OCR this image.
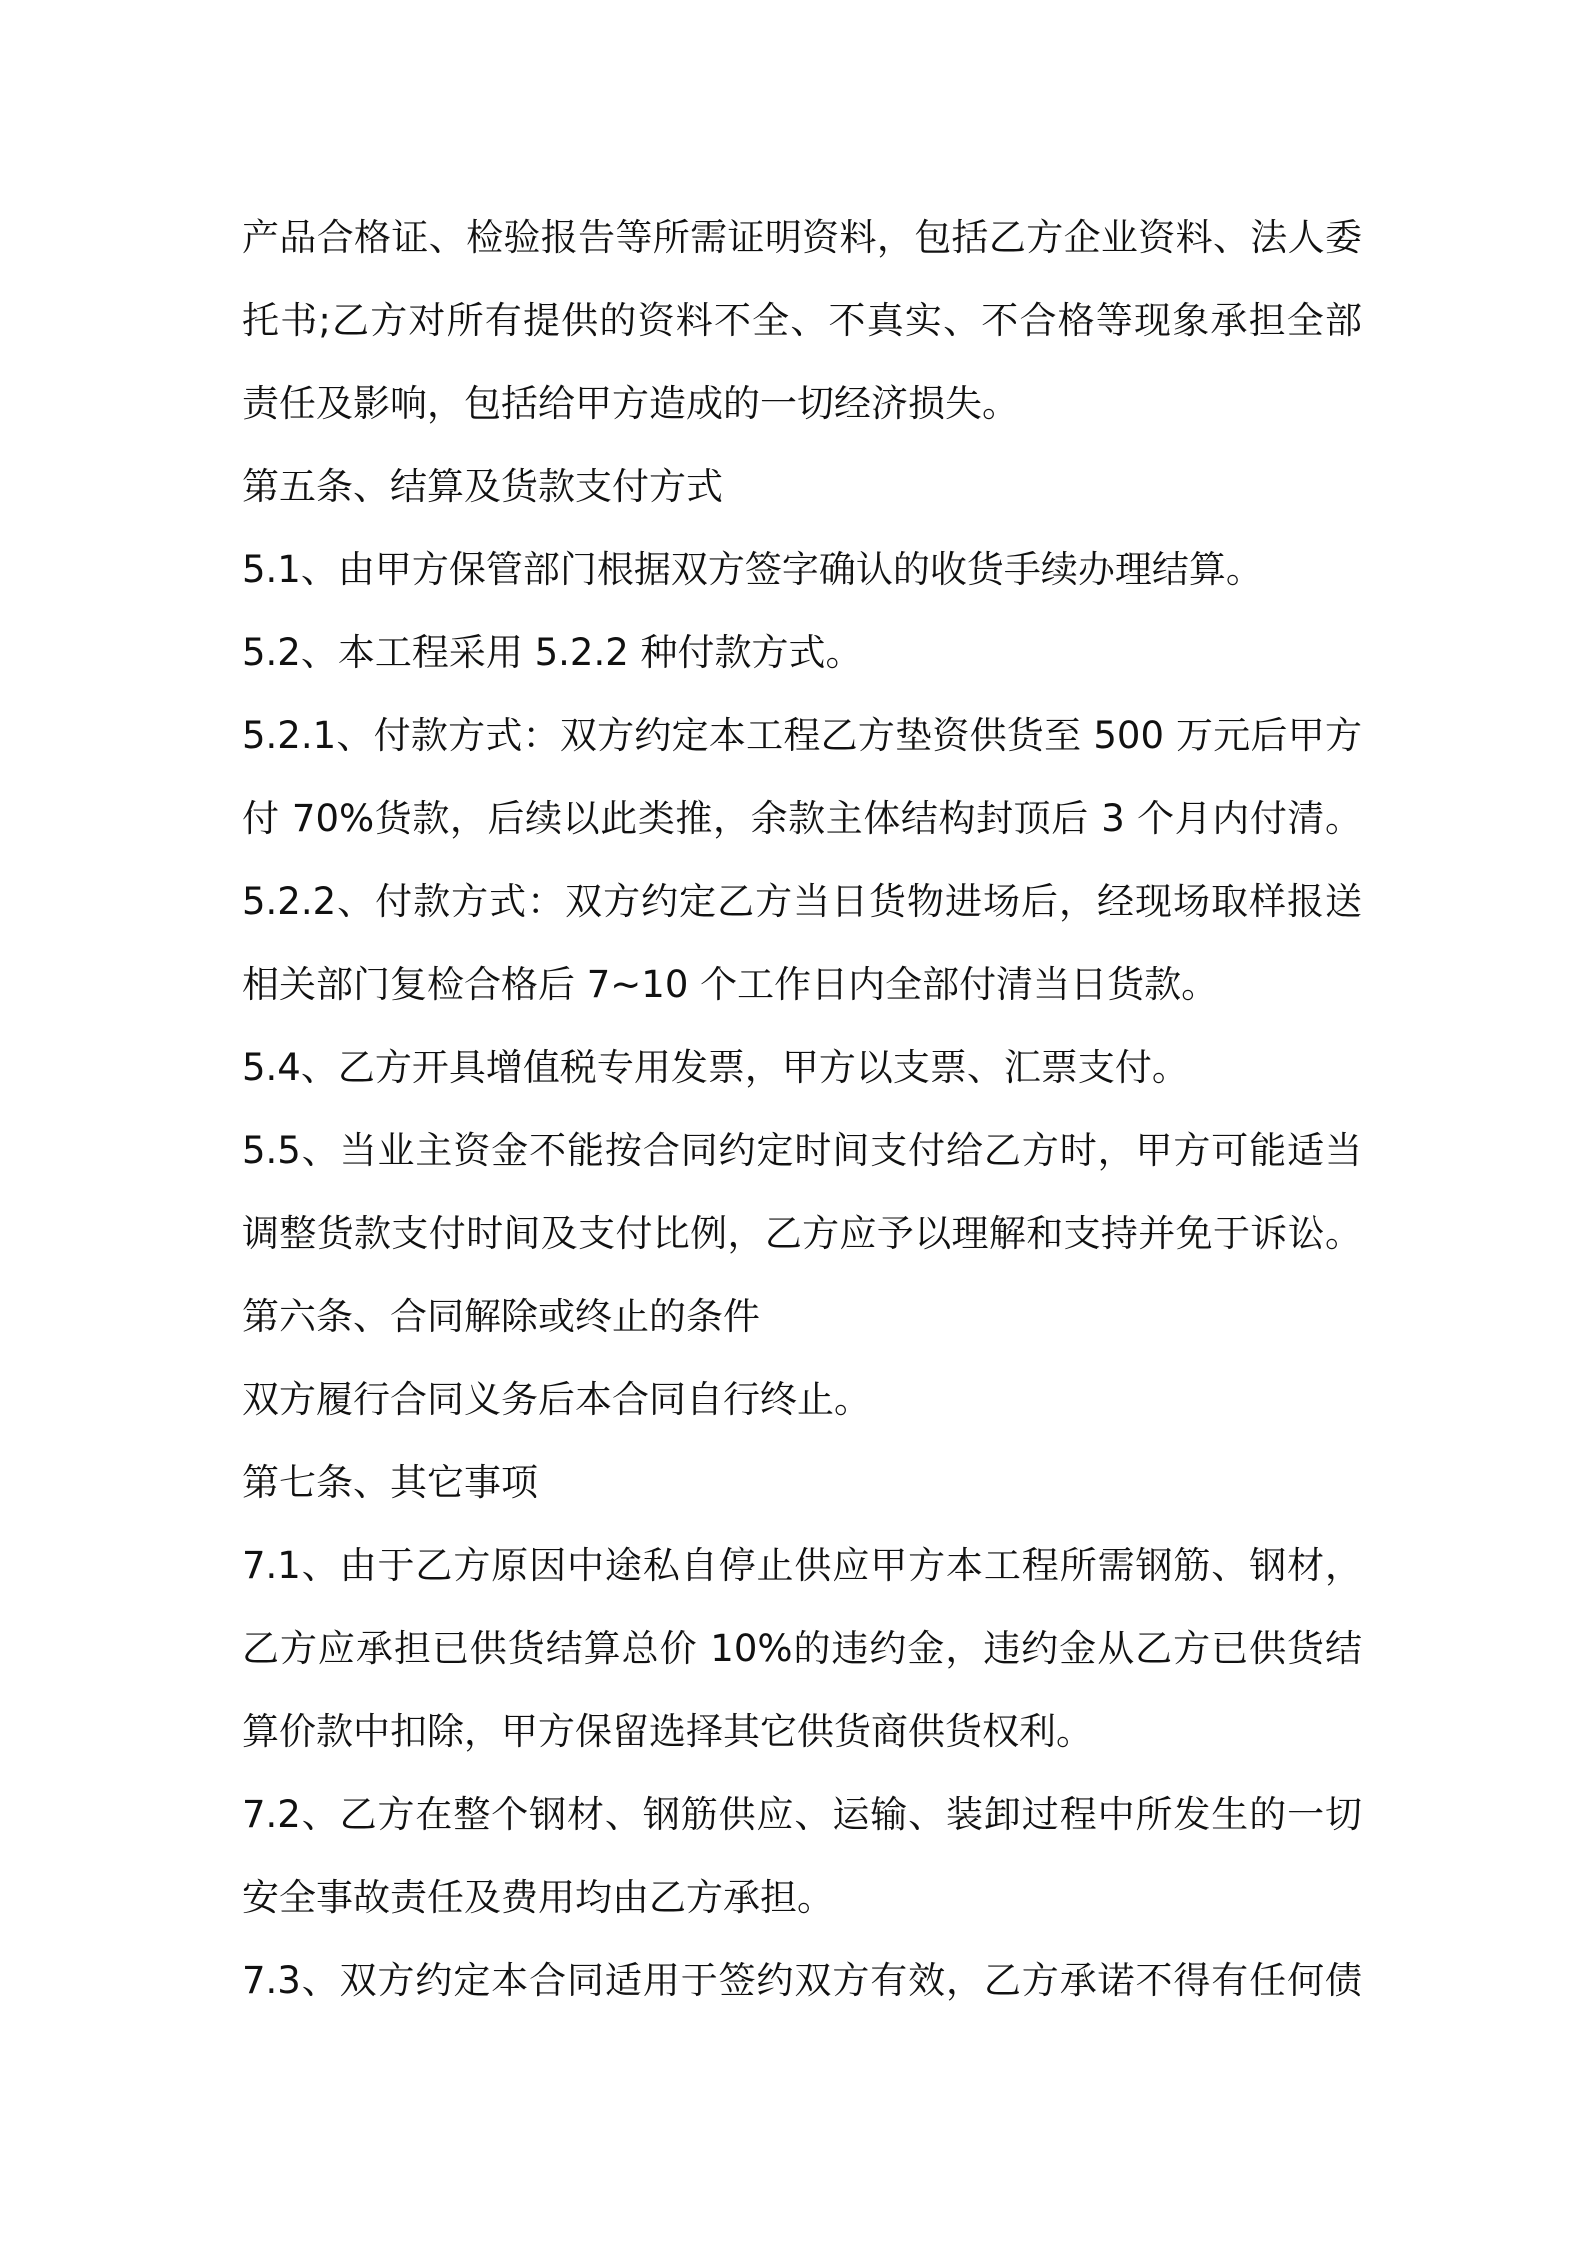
产品合格证、检验报告等所需证明资料，包括乙方企业资料、法人委

托书;乙方对所有提供的资料不全、不真实、不合格等现象承担全部

责任及影响，包括给甲方造成的一切经济损失。

第五条、结算及货款支付方式

5.1、由甲方保管部门根据双方签字确认的收货手续办理结算。

5.2、本工程采用 5.2.2 种付款方式。

5.2.1、付款方式：双方约定本工程乙方垫资供货至 500 万元后甲方

付 70%货款，后续以此类推，余款主体结构封顶后 3 个月内付清。

5.2.2、付款方式：双方约定乙方当日货物进场后，经现场取样报送

相关部门复检合格后 7~10 个工作日内全部付清当日货款。

5.4、乙方开具增值税专用发票，甲方以支票、汇票支付。

5.5、当业主资金不能按合同约定时间支付给乙方时，甲方可能适当

调整货款支付时间及支付比例，乙方应予以理解和支持并免于诉讼。

第六条、合同解除或终止的条件

双方履行合同义务后本合同自行终止。

第七条、其它事项

7.1、由于乙方原因中途私自停止供应甲方本工程所需钢筋、钢材，

乙方应承担已供货结算总价 10%的违约金，违约金从乙方已供货结

算价款中扣除，甲方保留选择其它供货商供货权利。

7.2、乙方在整个钢材、钢筋供应、运输、装卸过程中所发生的一切

安全事故责任及费用均由乙方承担。

7.3、双方约定本合同适用于签约双方有效，乙方承诺不得有任何债
